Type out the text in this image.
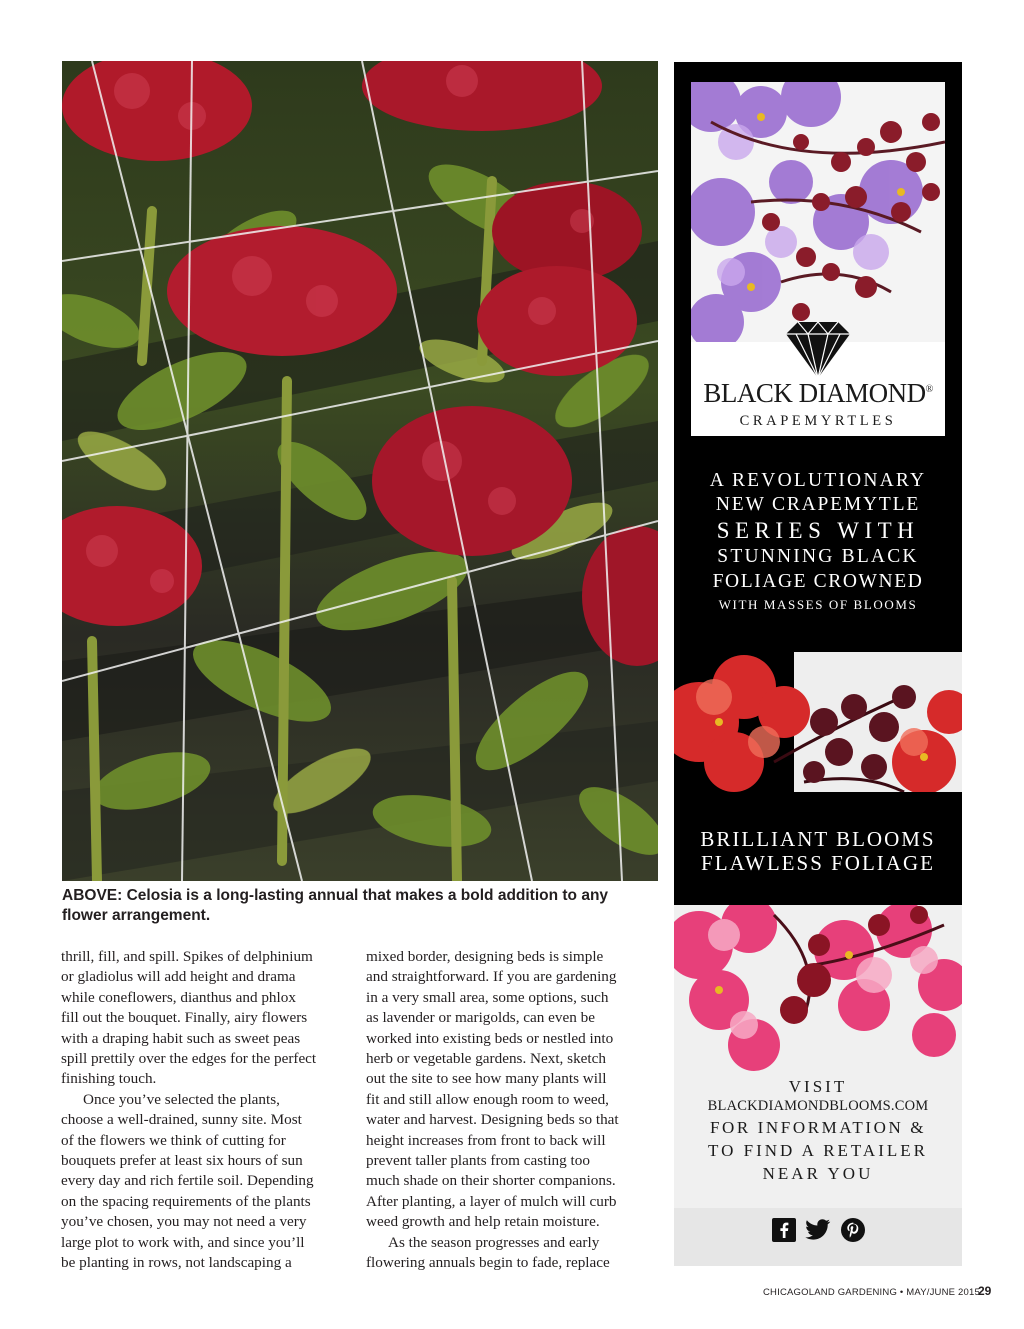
ABOVE: Celosia is a long-lasting annual that makes a bold addition to any
flower arrangement.

thrill, fill, and spill. Spikes of delphinium

or gladiolus will add height and drama

while coneflowers, dianthus and phlox

fill out the bouquet. Finally, airy flowers

with a draping habit such as sweet peas

spill prettily over the edges for the perfect

finishing touch.

Once you’ve selected the plants,

choose a well-drained, sunny site. Most

of the flowers we think of cutting for

bouquets prefer at least six hours of sun

every day and rich fertile soil. Depending

on the spacing requirements of the plants

you’ve chosen, you may not need a very

large plot to work with, and since you’ll

be planting in rows, not landscaping a

mixed border, designing beds is simple

and straightforward. If you are gardening

in a very small area, some options, such

as lavender or marigolds, can even be

worked into existing beds or nestled into

herb or vegetable gardens. Next, sketch

out the site to see how many plants will

fit and still allow enough room to weed,

water and harvest. Designing beds so that

height increases from front to back will

prevent taller plants from casting too

much shade on their shorter companions.

After planting, a layer of mulch will curb

weed growth and help retain moisture.

As the season progresses and early

flowering annuals begin to fade, replace

BLACK DIAMOND®
CRAPEMYRTLES
A REVOLUTIONARY
NEW CRAPEMYTLE
SERIES WITH
STUNNING BLACK
FOLIAGE CROWNED
WITH MASSES OF BLOOMS
BRILLIANT BLOOMS
FLAWLESS FOLIAGE
VISIT
BLACKDIAMONDBLOOMS.COM
FOR INFORMATION &
TO FIND A RETAILER
NEAR YOU
CHICAGOLAND GARDENING • MAY/JUNE 2015
29
